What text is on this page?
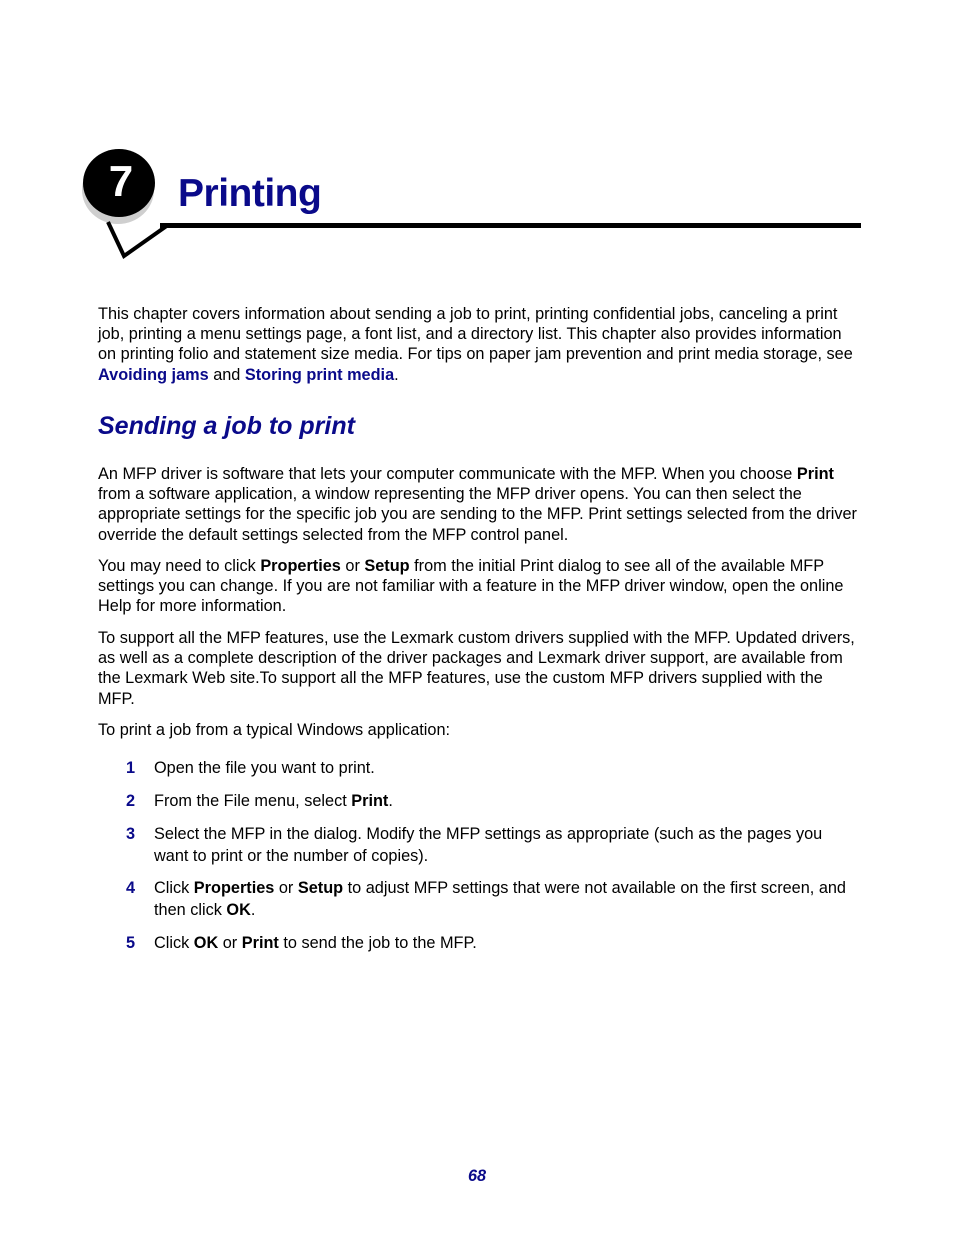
7 Printing

This chapter covers information about sending a job to print, printing confidential jobs, canceling a print job, printing a menu settings page, a font list, and a directory list. This chapter also provides information on printing folio and statement size media. For tips on paper jam prevention and print media storage, see Avoiding jams and Storing print media.

Sending a job to print

An MFP driver is software that lets your computer communicate with the MFP. When you choose Print from a software application, a window representing the MFP driver opens. You can then select the appropriate settings for the specific job you are sending to the MFP. Print settings selected from the driver override the default settings selected from the MFP control panel.

You may need to click Properties or Setup from the initial Print dialog to see all of the available MFP settings you can change. If you are not familiar with a feature in the MFP driver window, open the online Help for more information.

To support all the MFP features, use the Lexmark custom drivers supplied with the MFP. Updated drivers, as well as a complete description of the driver packages and Lexmark driver support, are available from the Lexmark Web site.To support all the MFP features, use the custom MFP drivers supplied with the MFP.

To print a job from a typical Windows application:

1	Open the file you want to print.
2	From the File menu, select Print.
3	Select the MFP in the dialog. Modify the MFP settings as appropriate (such as the pages you want to print or the number of copies).
4	Click Properties or Setup to adjust MFP settings that were not available on the first screen, and then click OK.
5	Click OK or Print to send the job to the MFP.
68
